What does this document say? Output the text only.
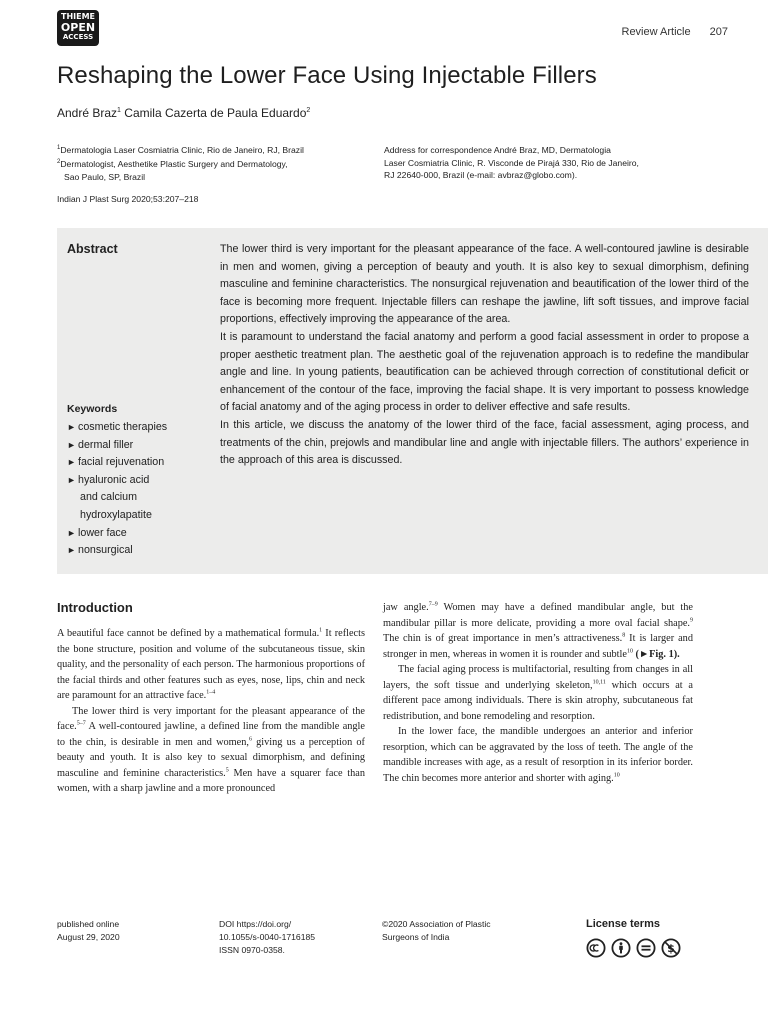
THIEME
OPEN
ACCESS	Review Article 207
Reshaping the Lower Face Using Injectable Fillers
André Braz$^1$ Camila Cazerta de Paula Eduardo$^2$
$^1$Dermatologia Laser Cosmiatria Clinic, Rio de Janeiro, RJ, Brazil
$^2$Dermatologist, Aesthetike Plastic Surgery and Dermatology,
Sao Paulo, SP, Brazil
Address for correspondence André Braz, MD, Dermatologia
Laser Cosmiatria Clinic, R. Visconde de Pirajá 330, Rio de Janeiro,
RJ 22640-000, Brazil (e-mail: avbraz@globo.com).
Indian J Plast Surg 2020;53:207–218
Abstract
Keywords
► cosmetic therapies
► dermal filler
► facial rejuvenation
► hyaluronic acid
and calcium
hydroxylapatite
► lower face
► nonsurgical

The lower third is very important for the pleasant appearance of the face. A well-contoured jawline is desirable in men and women, giving a perception of beauty and youth. It is also key to sexual dimorphism, defining masculine and feminine characteristics. The nonsurgical rejuvenation and beautification of the lower third of the face is becoming more frequent. Injectable fillers can reshape the jawline, lift soft tissues, and improve facial proportions, effectively improving the appearance of the area.

It is paramount to understand the facial anatomy and perform a good facial assessment in order to propose a proper aesthetic treatment plan. The aesthetic goal of the rejuvenation approach is to redefine the mandibular angle and line. In young patients, beautification can be achieved through correction of constitutional deficit or enhancement of the contour of the face, improving the facial shape. It is very important to possess knowledge of facial anatomy and of the aging process in order to deliver effective and safe results.

In this article, we discuss the anatomy of the lower third of the face, facial assessment, aging process, and treatments of the chin, prejowls and mandibular line and angle with injectable fillers. The authors’ experience in the approach of this area is discussed.

Introduction

A beautiful face cannot be defined by a mathematical formula.$^1$ It reflects the bone structure, position and volume of the subcutaneous tissue, skin quality, and the personality of each person. The harmonious proportions of the facial thirds and other features such as eyes, nose, lips, chin and neck are paramount for an attractive face.$^{1-4}$

The lower third is very important for the pleasant appearance of the face.$^{5-7}$ A well-contoured jawline, a defined line from the mandible angle to the chin, is desirable in men and women,$^6$ giving us a perception of beauty and youth. It is also key to sexual dimorphism, and defining masculine and feminine characteristics.$^5$ Men have a squarer face than women, with a sharp jawline and a more pronounced

jaw angle.$^{7-9}$ Women may have a defined mandibular angle, but the mandibular pillar is more delicate, providing a more oval facial shape.$^9$ The chin is of great importance in men’s attractiveness.$^8$ It is larger and stronger in men, whereas in women it is rounder and subtle$^{10}$ (►Fig. 1).

The facial aging process is multifactorial, resulting from changes in all layers, the soft tissue and underlying skeleton,$^{10,11}$ which occurs at a different pace among individuals. There is skin atrophy, subcutaneous fat redistribution, and bone remodeling and resorption.

In the lower face, the mandible undergoes an anterior and inferior resorption, which can be aggravated by the loss of teeth. The angle of the mandible increases with age, as a result of resorption in its inferior border. The chin becomes more anterior and shorter with aging.$^{10}$

published online
August 29, 2020
DOI https://doi.org/
10.1055/s-0040-1716185
ISSN 0970-0358.
©2020 Association of Plastic
Surgeons of India
License terms
$
